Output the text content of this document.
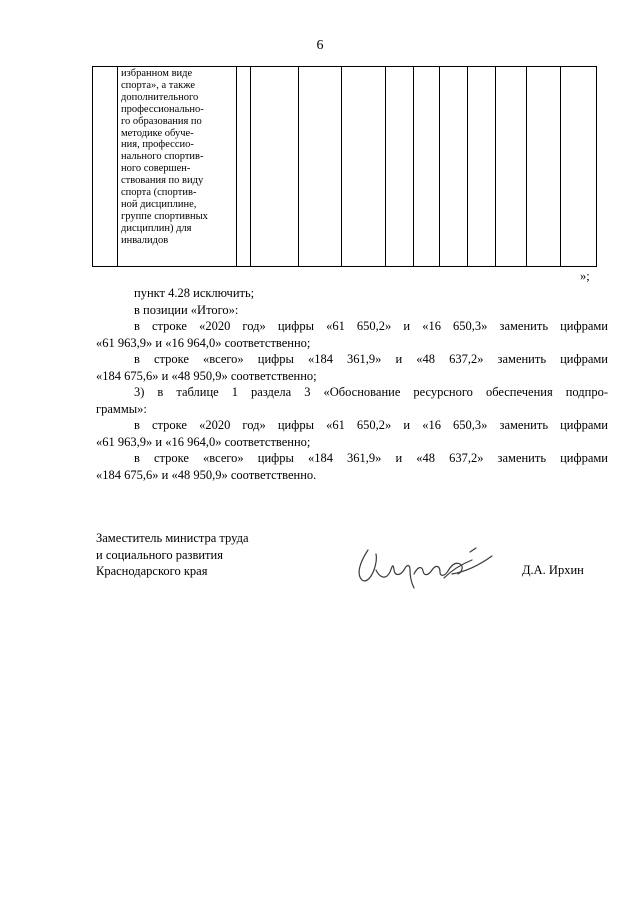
6

избранном виде
спорта», а также
дополнительного
профессионально-
го образования по
методике обуче-
ния, профессио-
нального спортив-
ного совершен-
ствования по виду
спорта (спортив-
ной дисциплине,
группе спортивных
дисциплин) для
инвалидов

»;
пункт 4.28 исключить;
в позиции «Итого»:
в строке «2020 год» цифры «61 650,2» и «16 650,3» заменить цифрами
«61 963,9» и «16 964,0» соответственно;
в строке «всего» цифры «184 361,9» и «48 637,2» заменить цифрами
«184 675,6» и «48 950,9» соответственно;
3) в таблице 1 раздела 3 «Обоснование ресурсного обеспечения подпро-
граммы»:
в строке «2020 год» цифры «61 650,2» и «16 650,3» заменить цифрами
«61 963,9» и «16 964,0» соответственно;
в строке «всего» цифры «184 361,9» и «48 637,2» заменить цифрами
«184 675,6» и «48 950,9» соответственно.
Заместитель министра труда
и социального развития
Краснодарского края	Д.А. Ирхин
